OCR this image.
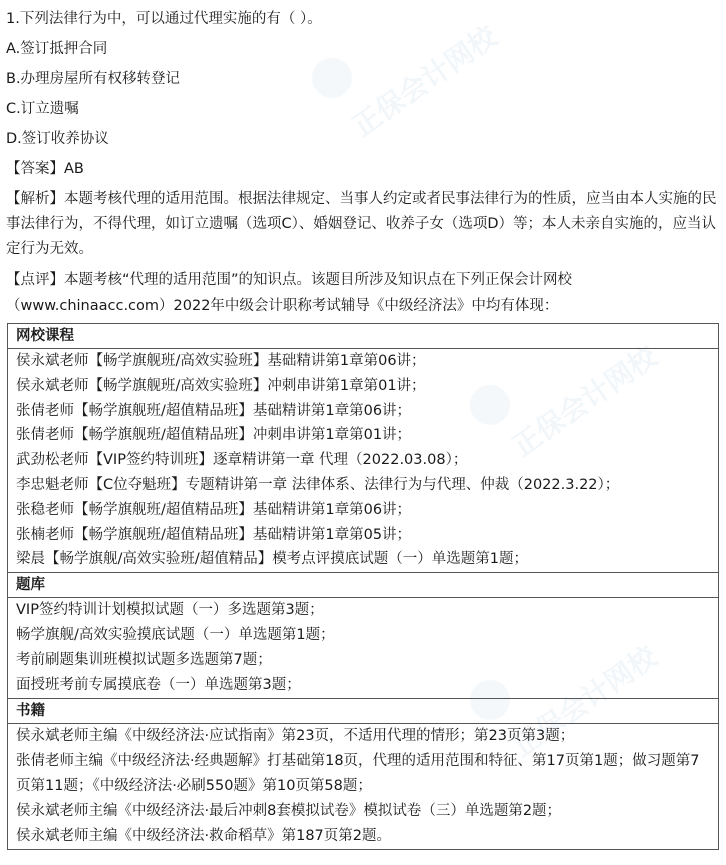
正保会计网校
正保会计网校
正保会计网校
1.下列法律行为中，可以通过代理实施的有（ ）。
A.签订抵押合同
B.办理房屋所有权移转登记
C.订立遗嘱
D.签订收养协议
【答案】AB
【解析】本题考核代理的适用范围。根据法律规定、当事人约定或者民事法律行为的性质，应当由本人实施的民事法律行为，不得代理，如订立遗嘱（选项C）、婚姻登记、收养子女（选项D）等；本人未亲自实施的，应当认定行为无效。
【点评】本题考核“代理的适用范围”的知识点。该题目所涉及知识点在下列正保会计网校
（www.chinaacc.com）2022年中级会计职称考试辅导《中级经济法》中均有体现：
网校课程

侯永斌老师【畅学旗舰班/高效实验班】基础精讲第1章第06讲；
侯永斌老师【畅学旗舰班/高效实验班】冲刺串讲第1章第01讲；
张倩老师【畅学旗舰班/超值精品班】基础精讲第1章第06讲；
张倩老师【畅学旗舰班/超值精品班】冲刺串讲第1章第01讲；
武劲松老师【VIP签约特训班】逐章精讲第一章 代理（2022.03.08）；
李忠魁老师【C位夺魁班】专题精讲第一章 法律体系、法律行为与代理、仲裁（2022.3.22）；
张稳老师【畅学旗舰班/超值精品班】基础精讲第1章第06讲；
张楠老师【畅学旗舰班/超值精品班】基础精讲第1章第05讲；
梁晨【畅学旗舰/高效实验班/超值精品】模考点评摸底试题（一）单选题第1题；

题库

VIP签约特训计划模拟试题（一）多选题第3题；
畅学旗舰/高效实验摸底试题（一）单选题第1题；
考前刷题集训班模拟试题多选题第7题；
面授班考前专属摸底卷（一）单选题第3题；

书籍

侯永斌老师主编《中级经济法·应试指南》第23页，不适用代理的情形；第23页第3题；
张倩老师主编《中级经济法·经典题解》打基础第18页，代理的适用范围和特征、第17页第1题；做习题第7页第11题；《中级经济法·必刷550题》第10页第58题；
侯永斌老师主编《中级经济法·最后冲刺8套模拟试卷》模拟试卷（三）单选题第2题；
侯永斌老师主编《中级经济法·救命稻草》第187页第2题。
